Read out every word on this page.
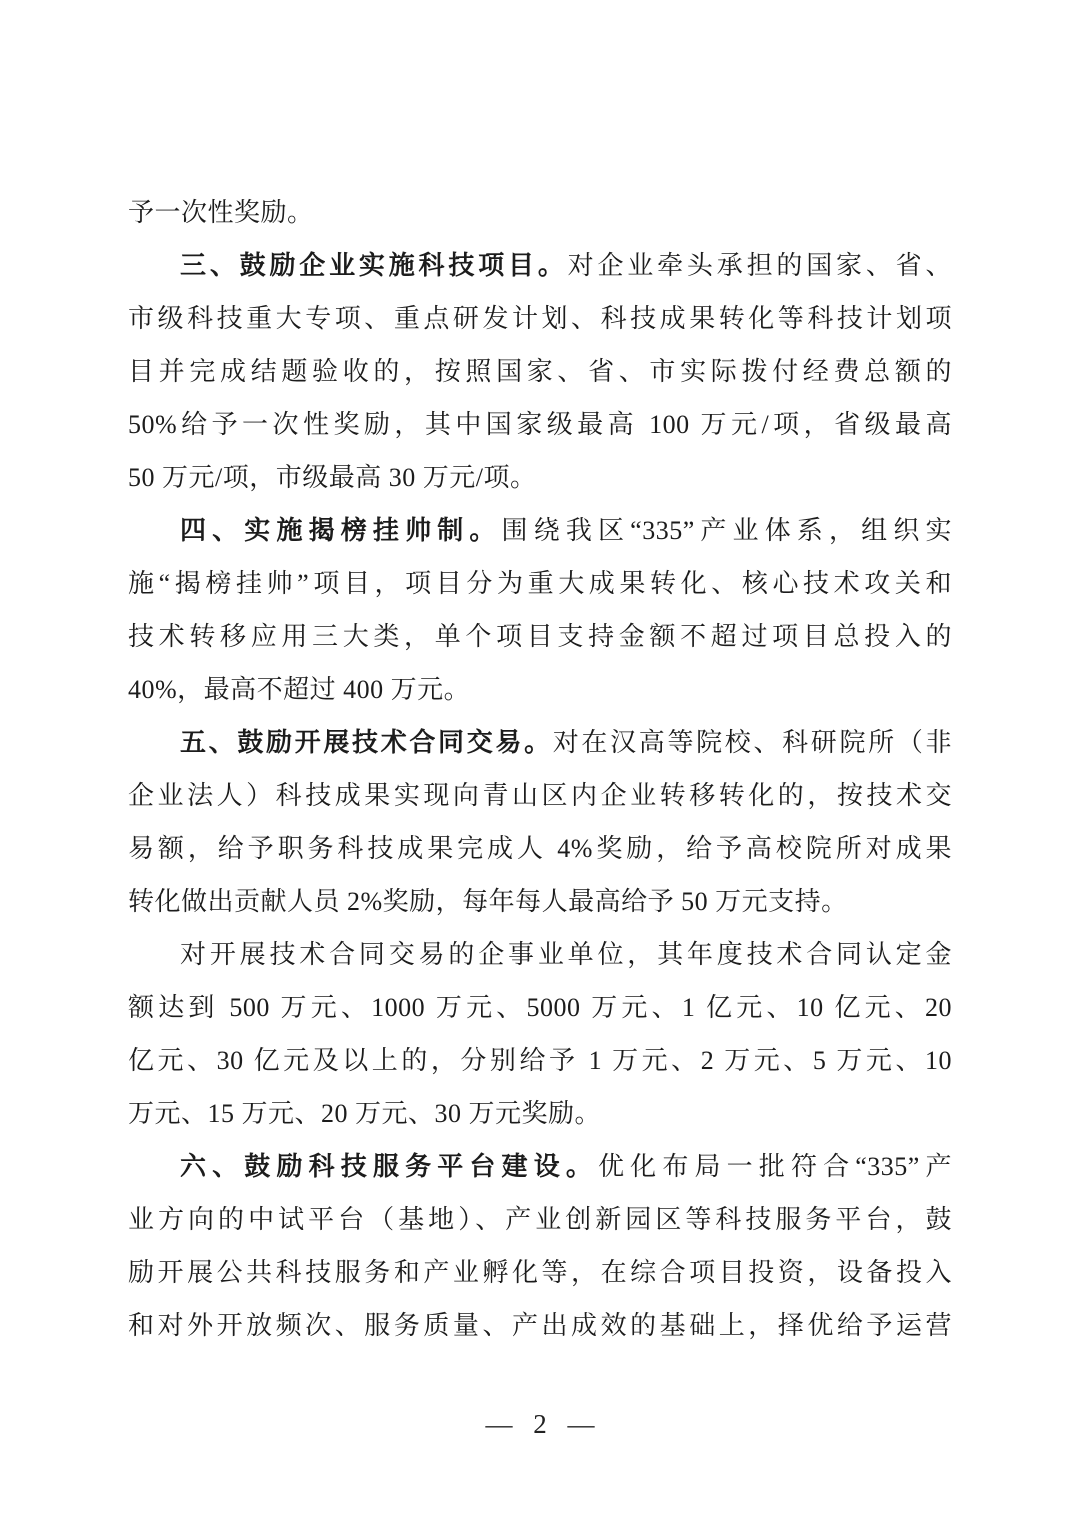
予一次性奖励。
三、鼓励企业实施科技项目。对企业牵头承担的国家、省、
市级科技重大专项、重点研发计划、科技成果转化等科技计划项
目并完成结题验收的，按照国家、省、市实际拨付经费总额的
50%给予一次性奖励，其中国家级最高 100 万元/项，省级最高
50 万元/项，市级最高 30 万元/项。
四、实施揭榜挂帅制。围绕我区“335”产业体系，组织实
施“揭榜挂帅”项目，项目分为重大成果转化、核心技术攻关和
技术转移应用三大类，单个项目支持金额不超过项目总投入的
40%，最高不超过 400 万元。
五、鼓励开展技术合同交易。对在汉高等院校、科研院所（非
企业法人）科技成果实现向青山区内企业转移转化的，按技术交
易额，给予职务科技成果完成人 4%奖励，给予高校院所对成果
转化做出贡献人员 2%奖励，每年每人最高给予 50 万元支持。
对开展技术合同交易的企事业单位，其年度技术合同认定金
额达到 500 万元、1000 万元、5000 万元、1 亿元、10 亿元、20
亿元、30 亿元及以上的，分别给予 1 万元、2 万元、5 万元、10
万元、15 万元、20 万元、30 万元奖励。
六、鼓励科技服务平台建设。优化布局一批符合“335”产
业方向的中试平台（基地）、产业创新园区等科技服务平台，鼓
励开展公共科技服务和产业孵化等，在综合项目投资，设备投入
和对外开放频次、服务质量、产出成效的基础上，择优给予运营
— 2 —
